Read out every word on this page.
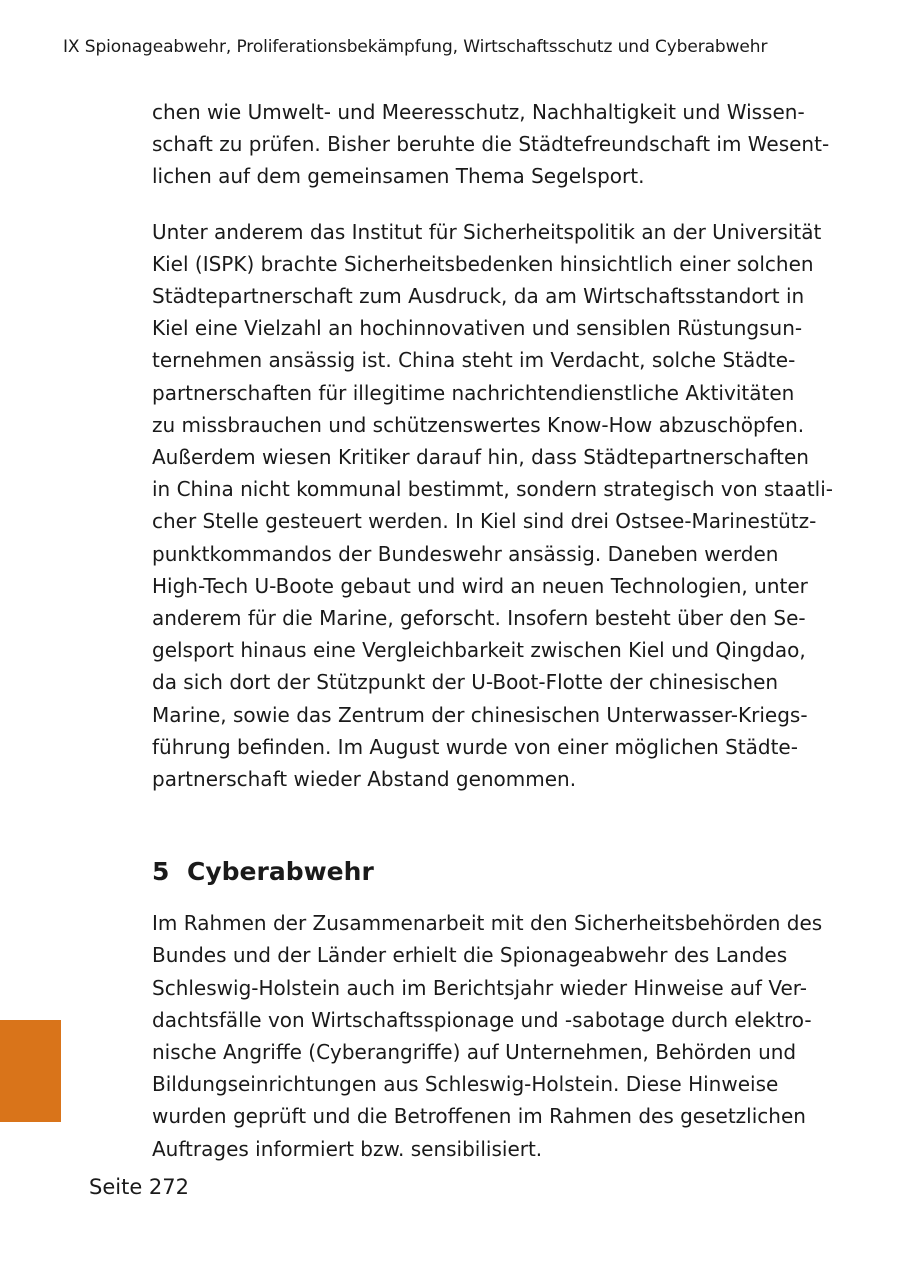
IX Spionageabwehr, Proliferationsbekämpfung, Wirtschaftsschutz und Cyberabwehr

chen wie Umwelt- und Meeresschutz, Nachhaltigkeit und Wissen-

schaft zu prüfen. Bisher beruhte die Städtefreundschaft im Wesent-

lichen auf dem gemeinsamen Thema Segelsport.

Unter anderem das Institut für Sicherheitspolitik an der Universität

Kiel (ISPK) brachte Sicherheitsbedenken hinsichtlich einer solchen

Städtepartnerschaft zum Ausdruck, da am Wirtschaftsstandort in

Kiel eine Vielzahl an hochinnovativen und sensiblen Rüstungsun-

ternehmen ansässig ist. China steht im Verdacht, solche Städte-

partnerschaften für illegitime nachrichtendienstliche Aktivitäten

zu missbrauchen und schützenswertes Know-How abzuschöpfen.

Außerdem wiesen Kritiker darauf hin, dass Städtepartnerschaften

in China nicht kommunal bestimmt, sondern strategisch von staatli-

cher Stelle gesteuert werden. In Kiel sind drei Ostsee-Marinestütz-

punktkommandos der Bundeswehr ansässig. Daneben werden

High-Tech U-Boote gebaut und wird an neuen Technologien, unter

anderem für die Marine, geforscht. Insofern besteht über den Se-

gelsport hinaus eine Vergleichbarkeit zwischen Kiel und Qingdao,

da sich dort der Stützpunkt der U-Boot-Flotte der chinesischen

Marine, sowie das Zentrum der chinesischen Unterwasser-Kriegs-

führung befinden. Im August wurde von einer möglichen Städte-

partnerschaft wieder Abstand genommen.

5 Cyberabwehr

Im Rahmen der Zusammenarbeit mit den Sicherheitsbehörden des

Bundes und der Länder erhielt die Spionageabwehr des Landes

Schleswig-Holstein auch im Berichtsjahr wieder Hinweise auf Ver-

dachtsfälle von Wirtschaftsspionage und -sabotage durch elektro-

nische Angriffe (Cyberangriffe) auf Unternehmen, Behörden und

Bildungseinrichtungen aus Schleswig-Holstein. Diese Hinweise

wurden geprüft und die Betroffenen im Rahmen des gesetzlichen

Auftrages informiert bzw. sensibilisiert.

Seite 272
